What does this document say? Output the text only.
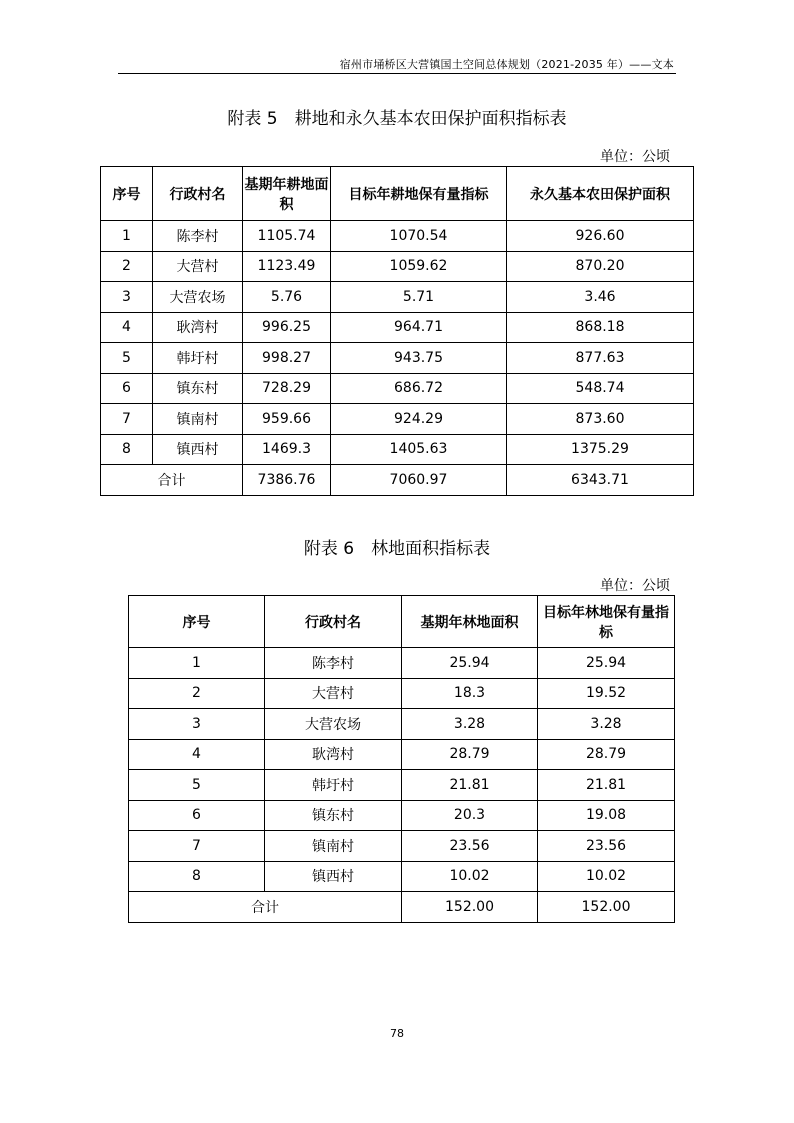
宿州市埇桥区大营镇国土空间总体规划（2021-2035 年）——文本
附表 5　耕地和永久基本农田保护面积指标表
单位：公顷
序号	行政村名	基期年耕地面积	目标年耕地保有量指标	永久基本农田保护面积
1	陈李村	1105.74	1070.54	926.60
2	大营村	1123.49	1059.62	870.20
3	大营农场	5.76	5.71	3.46
4	耿湾村	996.25	964.71	868.18
5	韩圩村	998.27	943.75	877.63
6	镇东村	728.29	686.72	548.74
7	镇南村	959.66	924.29	873.60
8	镇西村	1469.3	1405.63	1375.29
合计		7386.76	7060.97	6343.71
附表 6　林地面积指标表
单位：公顷
序号	行政村名	基期年林地面积	目标年林地保有量指标
1	陈李村	25.94	25.94
2	大营村	18.3	19.52
3	大营农场	3.28	3.28
4	耿湾村	28.79	28.79
5	韩圩村	21.81	21.81
6	镇东村	20.3	19.08
7	镇南村	23.56	23.56
8	镇西村	10.02	10.02
合计		152.00	152.00
78
